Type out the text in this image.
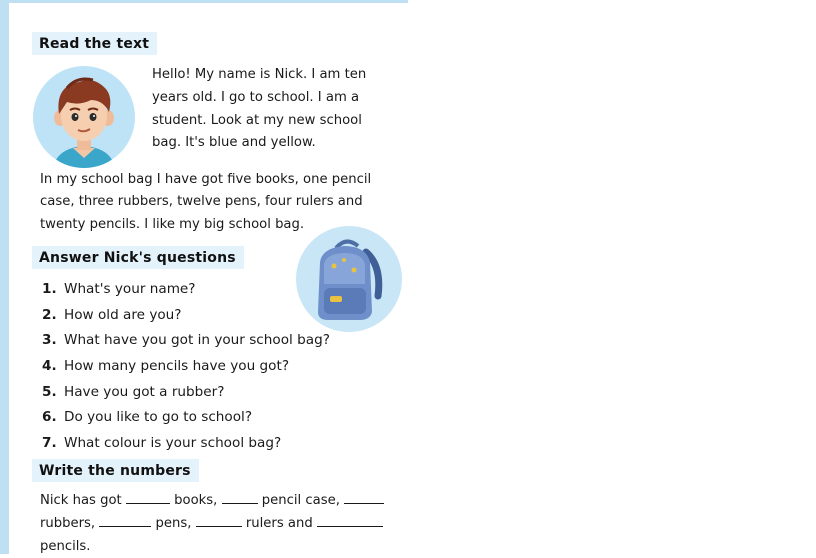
Read the text

Hello! My name is Nick. I am ten years old. I go to school. I am a student. Look at my new school bag. It's blue and yellow.

In my school bag I have got five books, one pencil case, three rubbers, twelve pens, four rulers and twenty pencils. I like my big school bag.

Answer Nick's questions
1. What's your name?
2. How old are you?
3. What have you got in your school bag?
4. How many pencils have you got?
5. Have you got a rubber?
6. Do you like to go to school?
7. What colour is your school bag?
Write the numbers

Nick has got	books,	pencil case,
rubbers,	pens,	rulers and
pencils.
